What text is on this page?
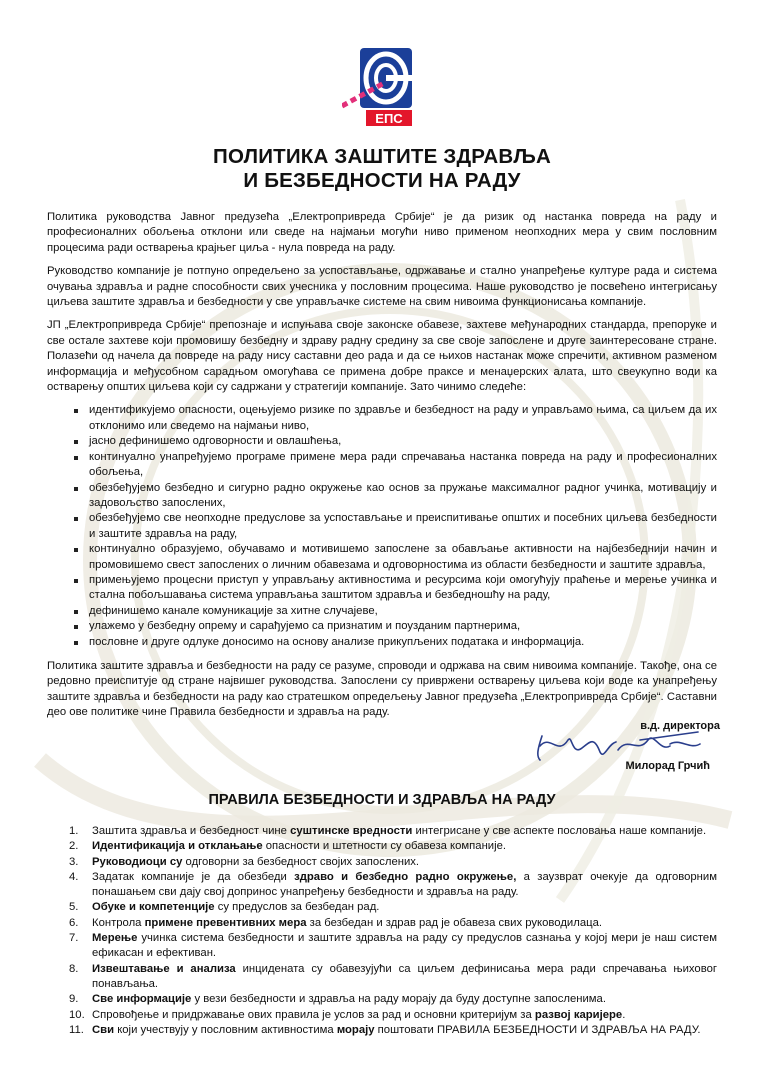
ЕПС
ПОЛИТИКА ЗАШТИТЕ ЗДРАВЉА
И БЕЗБЕДНОСТИ НА РАДУ

Политика руководства Јавног предузећа „Електропривреда Србије“ је да ризик од настанка повреда на раду и професионалних обољења отклони или сведе на најмањи могући ниво применом неопходних мера у свим пословним процесима ради остварења крајњег циља - нула повреда на раду.

Руководство компаније је потпуно опредељено за успостављање, одржавање и стално унапређење културе рада и система очувања здравља и радне способности свих учесника у пословним процесима. Наше руководство је посвећено интегрисању циљева заштите здравља и безбедности у све управљачке системе на свим нивоима функционисања компаније.

ЈП „Електропривреда Србије“ препознаје и испуњава своје законске обавезе, захтеве међународних стандарда, препоруке и све остале захтеве који промовишу безбедну и здраву радну средину за све своје запослене и друге заинтересоване стране. Полазећи од начела да повреде на раду нису саставни део рада и да се њихов настанак може спречити, активном разменом информација и међусобном сарадњом омогућава се примена добре праксе и менаџерских алата, што свеукупно води ка остварењу општих циљева који су садржани у стратегији компаније. Зато чинимо следеће:

идентификујемо опасности, оцењујемо ризике по здравље и безбедност на раду и управљамо њима, са циљем да их отклонимо или сведемо на најмањи ниво,
јасно дефинишемо одговорности и овлашћења,
континуално унапређујемо програме примене мера ради спречавања настанка повреда на раду и професионалних обољења,
обезбеђујемо безбедно и сигурно радно окружење као основ за пружање максималног радног учинка, мотивацију и задовољство запослених,
обезбеђујемо све неопходне предуслове за успостављање и преиспитивање општих и посебних циљева безбедности и заштите здравља на раду,
континуално образујемо, обучавамо и мотивишемо запослене за обављање активности на најбезбеднији начин и промовишемо свест запослених о личним обавезама и одговорностима из области безбедности и заштите здравља,
примењујемо процесни приступ у управљању активностима и ресурсима који омогућују праћење и мерење учинка и стална побољшавања система управљања заштитом здравља и безбедношћу на раду,
дефинишемо канале комуникације за хитне случајеве,
улажемо у безбедну опрему и сарађујемо са признатим и поузданим партнерима,
пословне и друге одлуке доносимо на основу анализе прикупљених података и информација.

Политика заштите здравља и безбедности на раду се разуме, спроводи и одржава на свим нивоима компаније. Такође, она се редовно преиспитује од стране највишег руководства. Запослени су привржени остварењу циљева који воде ка унапређењу заштите здравља и безбедности на раду као стратешком опредељењу Јавног предузећа „Електропривреда Србије“. Саставни део ове политике чине Правила безбедности и здравља на раду.

в.д. директора
Милорад Грчић
ПРАВИЛА БЕЗБЕДНОСТИ И ЗДРАВЉА НА РАДУ
1. Заштита здравља и безбедност чине суштинске вредности интегрисане у све аспекте пословања наше компаније.
2. Идентификација и отклањање опасности и штетности су обавеза компаније.
3. Руководиоци су одговорни за безбедност својих запослених.
4. Задатак компаније је да обезбеди здраво и безбедно радно окружење, а заузврат очекује да одговорним понашањем сви дају свој допринос унапређењу безбедности и здравља на раду.
5. Обуке и компетенције су предуслов за безбедан рад.
6. Контрола примене превентивних мера за безбедан и здрав рад је обавеза свих руководилаца.
7. Мерење учинка система безбедности и заштите здравља на раду су предуслов сазнања у којој мери је наш систем ефикасан и ефективан.
8. Извештавање и анализа инцидената су обавезујући са циљем дефинисања мера ради спречавања њиховог понављања.
9. Све информације у вези безбедности и здравља на раду морају да буду доступне запосленима.
10. Спровођење и придржавање ових правила је услов за рад и основни критеријум за развој каријере.
11. Сви који учествују у пословним активностима морају поштовати ПРАВИЛА БЕЗБЕДНОСТИ И ЗДРАВЉА НА РАДУ.
